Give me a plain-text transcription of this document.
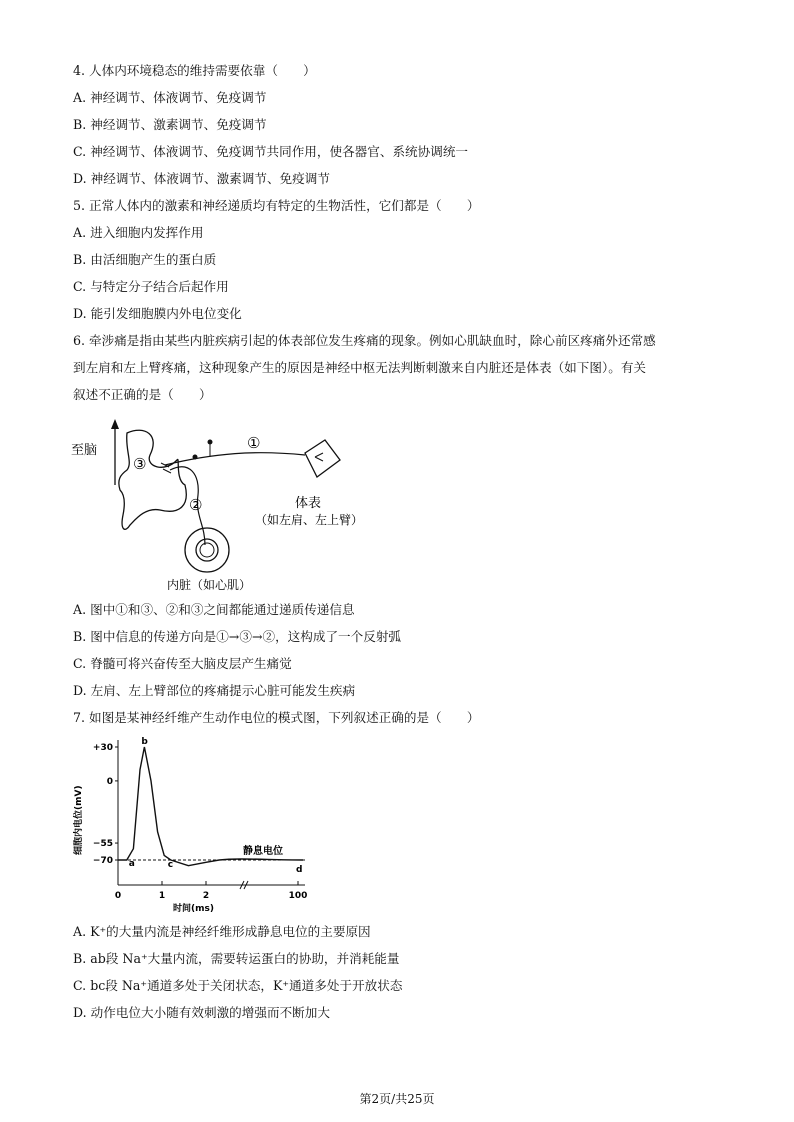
4. 人体内环境稳态的维持需要依靠（　　）
A. 神经调节、体液调节、免疫调节
B. 神经调节、激素调节、免疫调节
C. 神经调节、体液调节、免疫调节共同作用，使各器官、系统协调统一
D. 神经调节、体液调节、激素调节、免疫调节
5. 正常人体内的激素和神经递质均有特定的生物活性，它们都是（　　）
A. 进入细胞内发挥作用
B. 由活细胞产生的蛋白质
C. 与特定分子结合后起作用
D. 能引发细胞膜内外电位变化
6. 牵涉痛是指由某些内脏疾病引起的体表部位发生疼痛的现象。例如心肌缺血时，除心前区疼痛外还常感
到左肩和左上臂疼痛，这种现象产生的原因是神经中枢无法判断刺激来自内脏还是体表（如下图）。有关
叙述不正确的是（　　）
至脑	①
②
③
体表
（如左肩、左上臂）
内脏（如心肌）
A. 图中①和③、②和③之间都能通过递质传递信息
B. 图中信息的传递方向是①→③→②，这构成了一个反射弧
C. 脊髓可将兴奋传至大脑皮层产生痛觉
D. 左肩、左上臂部位的疼痛提示心脏可能发生疾病
7. 如图是某神经纤维产生动作电位的模式图，下列叙述正确的是（　　）
细胞内电位(mV)
时间(ms)
+30
0
−55
−70
0	1	2	100
静息电位
a
b
c	d
A. K⁺的大量内流是神经纤维形成静息电位的主要原因
B. ab段 Na⁺大量内流，需要转运蛋白的协助，并消耗能量
C. bc段 Na⁺通道多处于关闭状态，K⁺通道多处于开放状态
D. 动作电位大小随有效刺激的增强而不断加大
第2页/共25页
